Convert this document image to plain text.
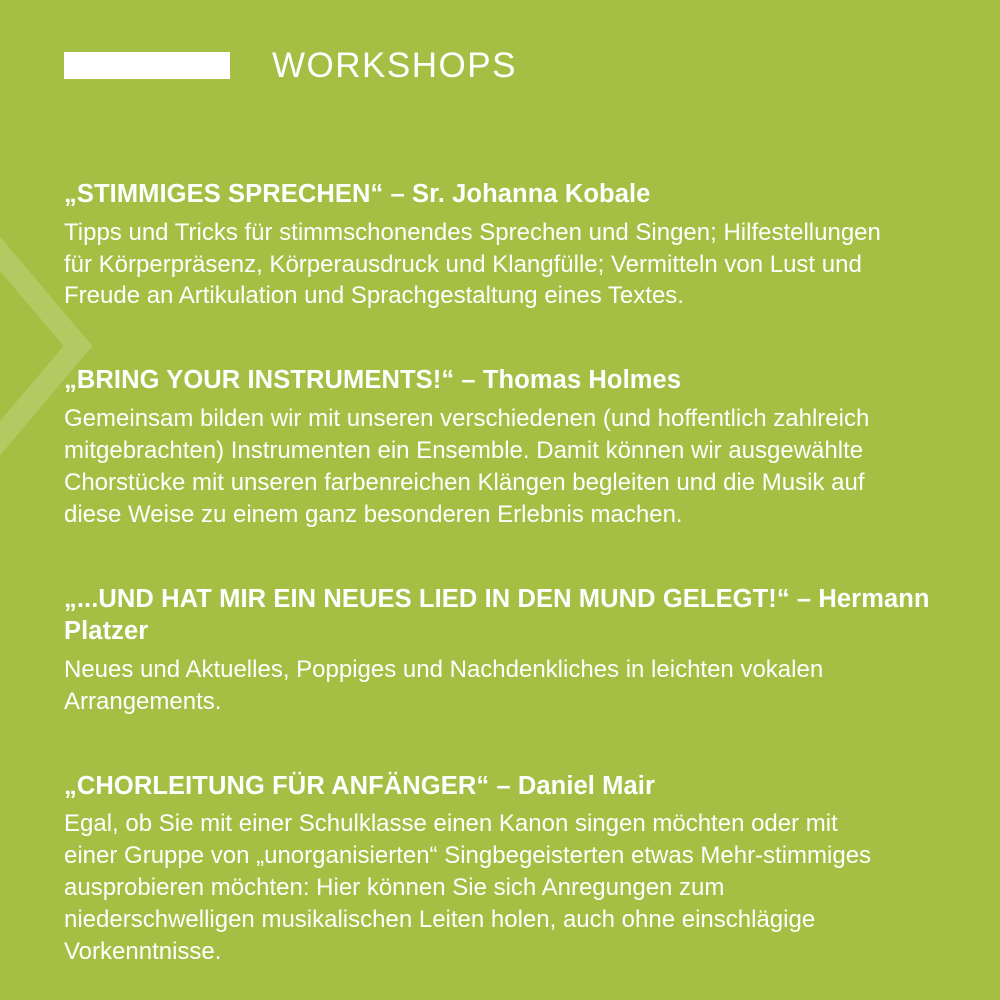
WORKSHOPS

„STIMMIGES SPRECHEN“ – Sr. Johanna Kobale

Tipps und Tricks für stimmschonendes Sprechen und Singen; Hilfestellungen für Körperpräsenz, Körperausdruck und Klangfülle; Vermitteln von Lust und Freude an Artikulation und Sprachgestaltung eines Textes.

„BRING YOUR INSTRUMENTS!“ – Thomas Holmes

Gemeinsam bilden wir mit unseren verschiedenen (und hoffentlich zahlreich mitgebrachten) Instrumenten ein Ensemble. Damit können wir ausgewählte Chorstücke mit unseren farbenreichen Klängen begleiten und die Musik auf diese Weise zu einem ganz besonderen Erlebnis machen.

„...UND HAT MIR EIN NEUES LIED IN DEN MUND GELEGT!“ – Hermann Platzer

Neues und Aktuelles, Poppiges und Nachdenkliches in leichten vokalen Arrangements.

„CHORLEITUNG FÜR ANFÄNGER“ – Daniel Mair

Egal, ob Sie mit einer Schulklasse einen Kanon singen möchten oder mit einer Gruppe von „unorganisierten“ Singbegeisterten etwas Mehr-stimmiges ausprobieren möchten: Hier können Sie sich Anregungen zum niederschwelligen musikalischen Leiten holen, auch ohne einschlägige Vorkenntnisse.
